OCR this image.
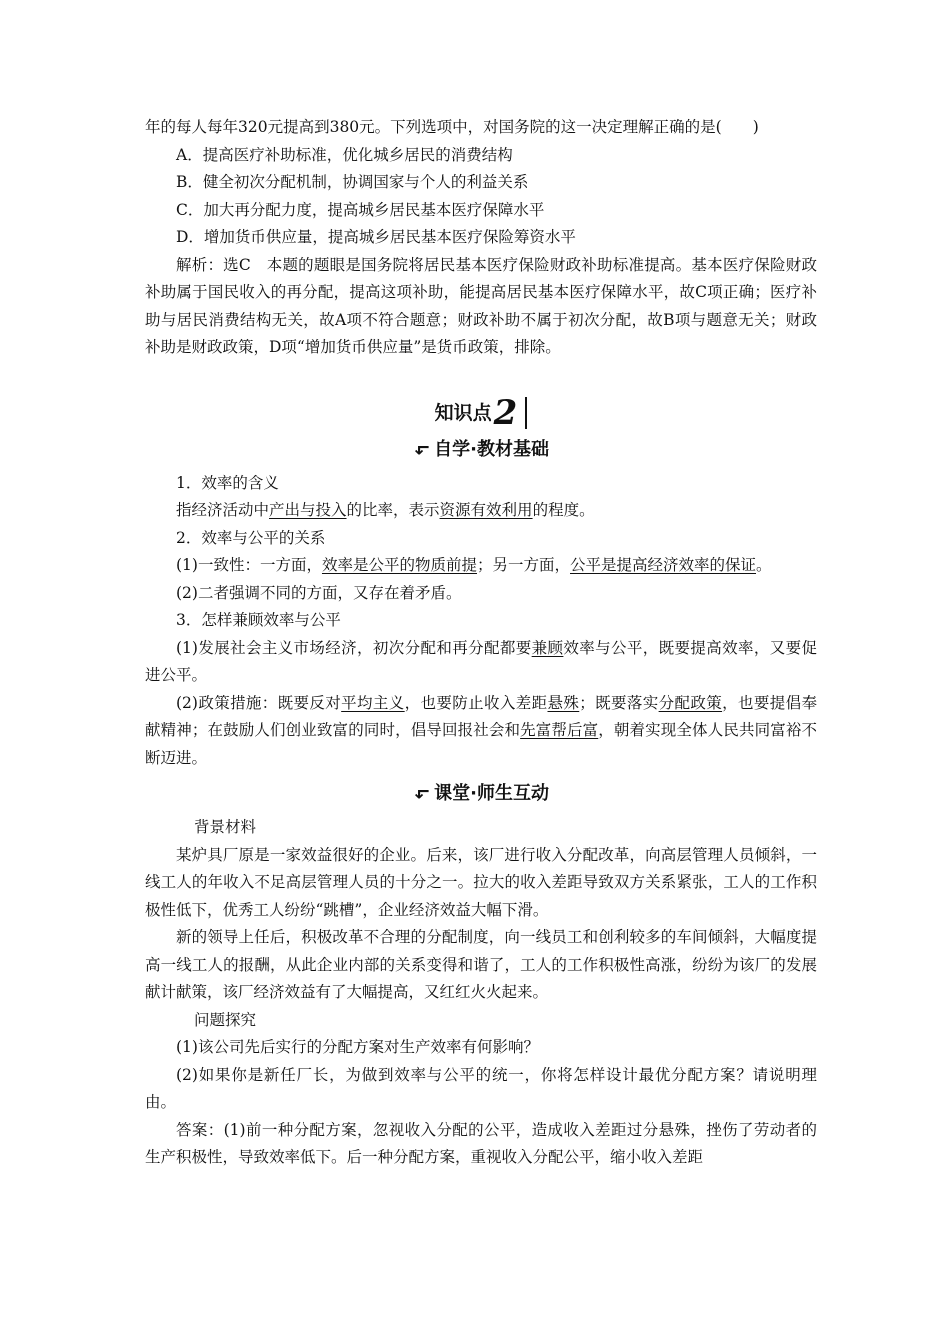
年的每人每年320元提高到380元。下列选项中，对国务院的这一决定理解正确的是(　　)

A．提高医疗补助标准，优化城乡居民的消费结构

B．健全初次分配机制，协调国家与个人的利益关系

C．加大再分配力度，提高城乡居民基本医疗保障水平

D．增加货币供应量，提高城乡居民基本医疗保险筹资水平

解析：选C　本题的题眼是国务院将居民基本医疗保险财政补助标准提高。基本医疗保险财政补助属于国民收入的再分配，提高这项补助，能提高居民基本医疗保障水平，故C项正确；医疗补助与居民消费结构无关，故A项不符合题意；财政补助不属于初次分配，故B项与题意无关；财政补助是财政政策，D项“增加货币供应量”是货币政策，排除。

知识点2
↳ 自学·教材基础

1．效率的含义

指经济活动中产出与投入的比率，表示资源有效利用的程度。

2．效率与公平的关系

(1)一致性：一方面，效率是公平的物质前提；另一方面，公平是提高经济效率的保证。

(2)二者强调不同的方面，又存在着矛盾。

3．怎样兼顾效率与公平

(1)发展社会主义市场经济，初次分配和再分配都要兼顾效率与公平，既要提高效率，又要促进公平。

(2)政策措施：既要反对平均主义，也要防止收入差距悬殊；既要落实分配政策，也要提倡奉献精神；在鼓励人们创业致富的同时，倡导回报社会和先富帮后富，朝着实现全体人民共同富裕不断迈进。

↳ 课堂·师生互动

背景材料

某炉具厂原是一家效益很好的企业。后来，该厂进行收入分配改革，向高层管理人员倾斜，一线工人的年收入不足高层管理人员的十分之一。拉大的收入差距导致双方关系紧张，工人的工作积极性低下，优秀工人纷纷“跳槽”，企业经济效益大幅下滑。

新的领导上任后，积极改革不合理的分配制度，向一线员工和创利较多的车间倾斜，大幅度提高一线工人的报酬，从此企业内部的关系变得和谐了，工人的工作积极性高涨，纷纷为该厂的发展献计献策，该厂经济效益有了大幅提高，又红红火火起来。

问题探究

(1)该公司先后实行的分配方案对生产效率有何影响？

(2)如果你是新任厂长，为做到效率与公平的统一，你将怎样设计最优分配方案？请说明理由。

答案：(1)前一种分配方案，忽视收入分配的公平，造成收入差距过分悬殊，挫伤了劳动者的生产积极性，导致效率低下。后一种分配方案，重视收入分配公平，缩小收入差距
